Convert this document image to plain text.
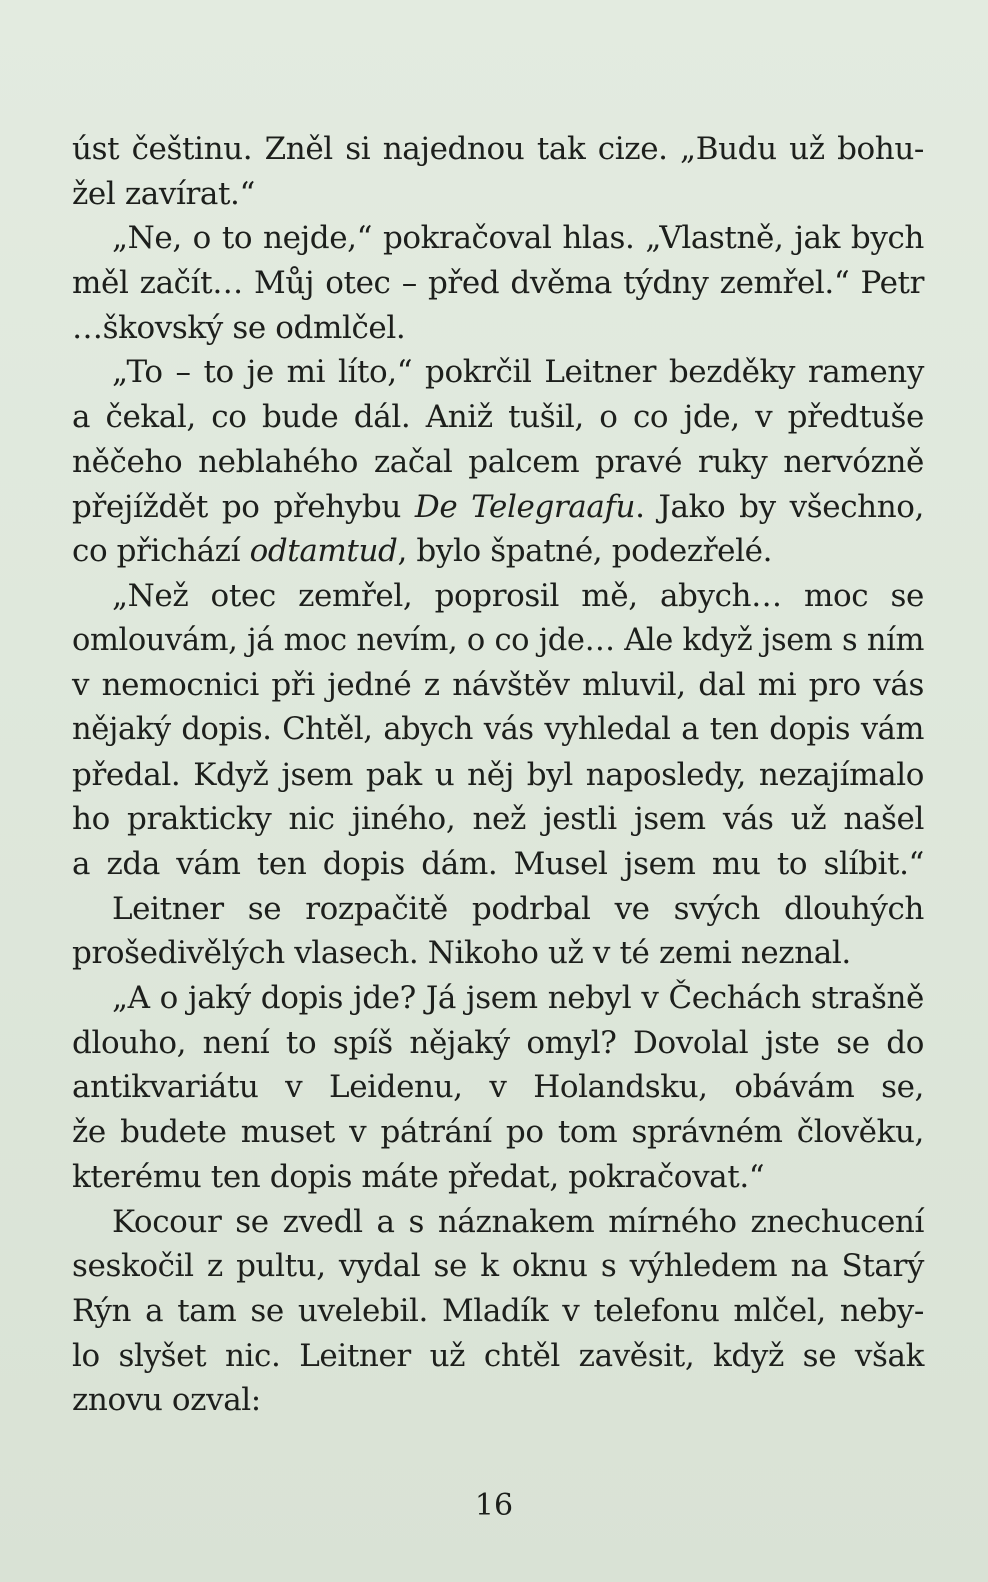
úst češtinu. Zněl si najednou tak cize. „Budu už bohu-
žel zavírat.“
„Ne, o to nejde,“ pokračoval hlas. „Vlastně, jak bych
měl začít… Můj otec – před dvěma týdny zemřel.“ Petr
…škovský se odmlčel.
„To – to je mi líto,“ pokrčil Leitner bezděky rameny
a čekal, co bude dál. Aniž tušil, o co jde, v předtuše
něčeho neblahého začal palcem pravé ruky nervózně
přejíždět po přehybu De Telegraafu. Jako by všechno,
co přichází odtamtud, bylo špatné, podezřelé.
„Než otec zemřel, poprosil mě, abych… moc se
omlouvám, já moc nevím, o co jde… Ale když jsem s ním
v nemocnici při jedné z návštěv mluvil, dal mi pro vás
nějaký dopis. Chtěl, abych vás vyhledal a ten dopis vám
předal. Když jsem pak u něj byl naposledy, nezajímalo
ho prakticky nic jiného, než jestli jsem vás už našel
a zda vám ten dopis dám. Musel jsem mu to slíbit.“
Leitner se rozpačitě podrbal ve svých dlouhých
prošedivělých vlasech. Nikoho už v té zemi neznal.
„A o jaký dopis jde? Já jsem nebyl v Čechách strašně
dlouho, není to spíš nějaký omyl? Dovolal jste se do
antikvariátu v Leidenu, v Holandsku, obávám se,
že budete muset v pátrání po tom správném člověku,
kterému ten dopis máte předat, pokračovat.“
Kocour se zvedl a s náznakem mírného znechucení
seskočil z pultu, vydal se k oknu s výhledem na Starý
Rýn a tam se uvelebil. Mladík v telefonu mlčel, neby-
lo slyšet nic. Leitner už chtěl zavěsit, když se však
znovu ozval:
16
